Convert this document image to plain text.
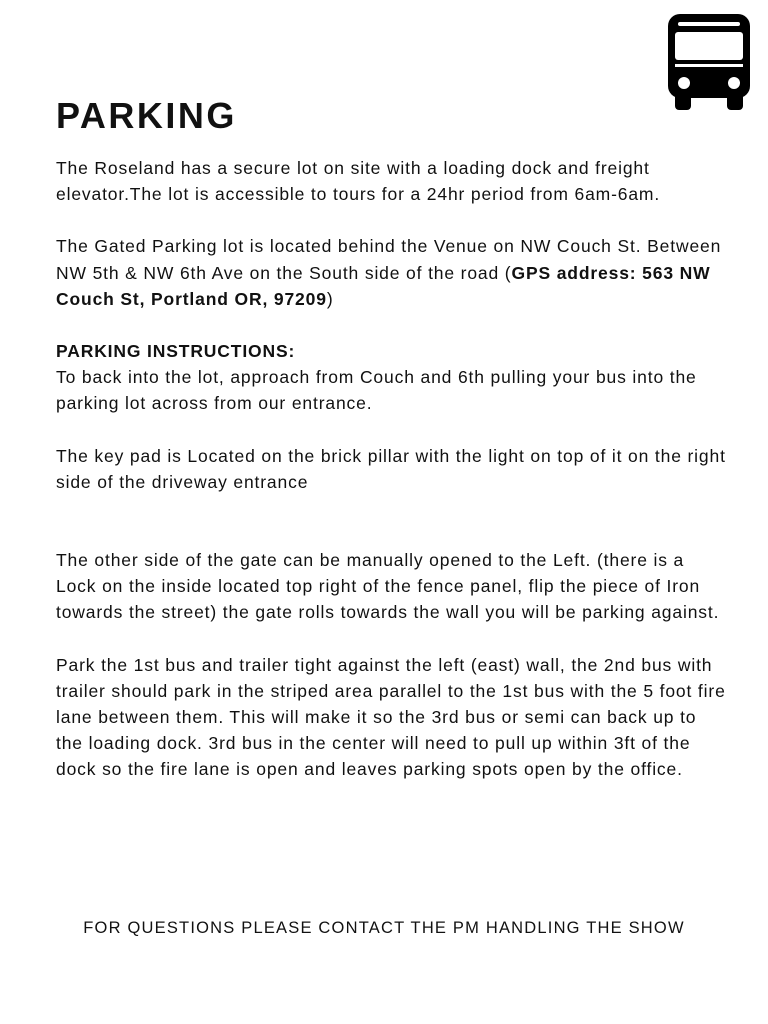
PARKING

The Roseland has a secure lot on site with a loading dock and freight elevator.The lot is accessible to tours for a 24hr period from 6am-6am.

The Gated Parking lot is located behind the Venue on NW Couch St. Between NW 5th & NW 6th Ave on the South side of the road (GPS address: 563 NW Couch St, Portland OR, 97209)

PARKING INSTRUCTIONS:

To back into the lot, approach from Couch and 6th pulling your bus into the parking lot across from our entrance.

The key pad is Located on the brick pillar with the light on top of it on the right side of the driveway entrance

The other side of the gate can be manually opened to the Left. (there is a Lock on the inside located top right of the fence panel, flip the piece of Iron towards the street) the gate rolls towards the wall you will be parking against.

Park the 1st bus and trailer tight against the left (east) wall, the 2nd bus with trailer should park in the striped area parallel to the 1st bus with the 5 foot fire lane between them. This will make it so the 3rd bus or semi can back up to the loading dock. 3rd bus in the center will need to pull up within 3ft of the dock so the fire lane is open and leaves parking spots open by the office.

FOR QUESTIONS PLEASE CONTACT THE PM HANDLING THE SHOW
